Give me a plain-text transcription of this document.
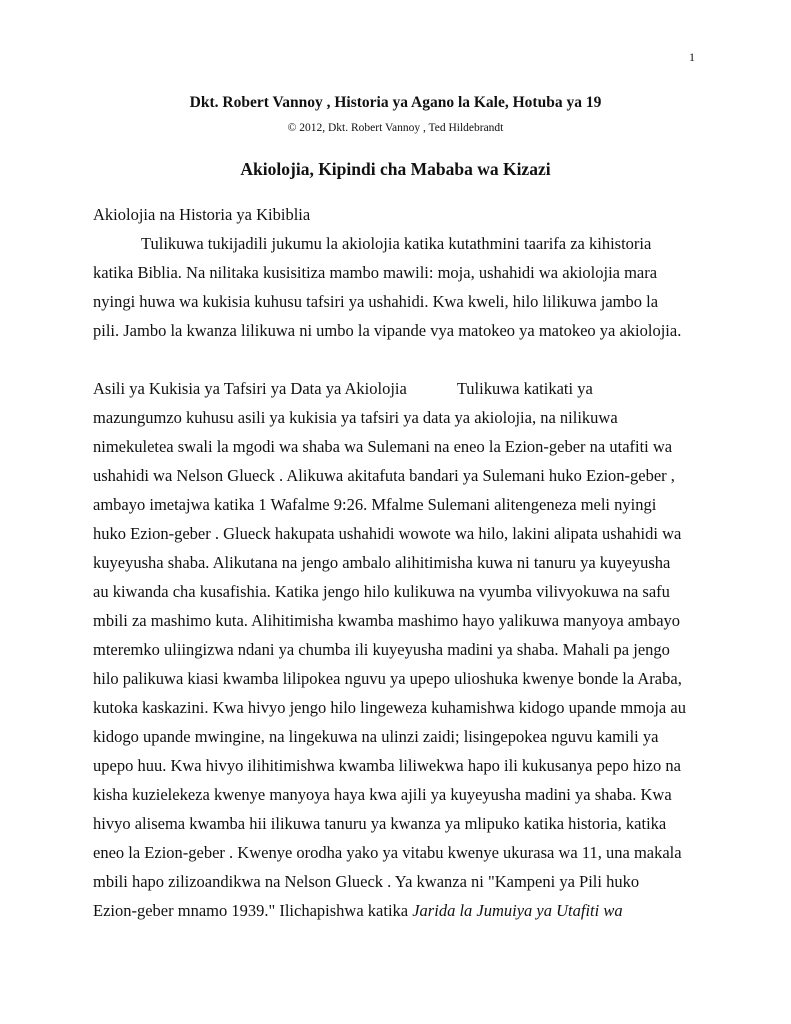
1
Dkt. Robert Vannoy , Historia ya Agano la Kale, Hotuba ya 19
© 2012, Dkt. Robert Vannoy , Ted Hildebrandt
Akiolojia, Kipindi cha Mababa wa Kizazi
Akiolojia na Historia ya Kibiblia
Tulikuwa tukijadili jukumu la akiolojia katika kutathmini taarifa za kihistoria
katika Biblia. Na nilitaka kusisitiza mambo mawili: moja, ushahidi wa akiolojia mara
nyingi huwa wa kukisia kuhusu tafsiri ya ushahidi. Kwa kweli, hilo lilikuwa jambo la
pili. Jambo la kwanza lilikuwa ni umbo la vipande vya matokeo ya matokeo ya akiolojia.
Asili ya Kukisia ya Tafsiri ya Data ya Akiolojia	Tulikuwa katikati ya
mazungumzo kuhusu asili ya kukisia ya tafsiri ya data ya akiolojia, na nilikuwa
nimekuletea swali la mgodi wa shaba wa Sulemani na eneo la Ezion-geber na utafiti wa
ushahidi wa Nelson Glueck . Alikuwa akitafuta bandari ya Sulemani huko Ezion-geber ,
ambayo imetajwa katika 1 Wafalme 9:26. Mfalme Sulemani alitengeneza meli nyingi
huko Ezion-geber . Glueck hakupata ushahidi wowote wa hilo, lakini alipata ushahidi wa
kuyeyusha shaba. Alikutana na jengo ambalo alihitimisha kuwa ni tanuru ya kuyeyusha
au kiwanda cha kusafishia. Katika jengo hilo kulikuwa na vyumba vilivyokuwa na safu
mbili za mashimo kuta. Alihitimisha kwamba mashimo hayo yalikuwa manyoya ambayo
mteremko uliingizwa ndani ya chumba ili kuyeyusha madini ya shaba. Mahali pa jengo
hilo palikuwa kiasi kwamba lilipokea nguvu ya upepo ulioshuka kwenye bonde la Araba,
kutoka kaskazini. Kwa hivyo jengo hilo lingeweza kuhamishwa kidogo upande mmoja au
kidogo upande mwingine, na lingekuwa na ulinzi zaidi; lisingepokea nguvu kamili ya
upepo huu. Kwa hivyo ilihitimishwa kwamba liliwekwa hapo ili kukusanya pepo hizo na
kisha kuzielekeza kwenye manyoya haya kwa ajili ya kuyeyusha madini ya shaba. Kwa
hivyo alisema kwamba hii ilikuwa tanuru ya kwanza ya mlipuko katika historia, katika
eneo la Ezion-geber . Kwenye orodha yako ya vitabu kwenye ukurasa wa 11, una makala
mbili hapo zilizoandikwa na Nelson Glueck . Ya kwanza ni "Kampeni ya Pili huko
Ezion-geber mnamo 1939." Ilichapishwa katika Jarida la Jumuiya ya Utafiti wa
